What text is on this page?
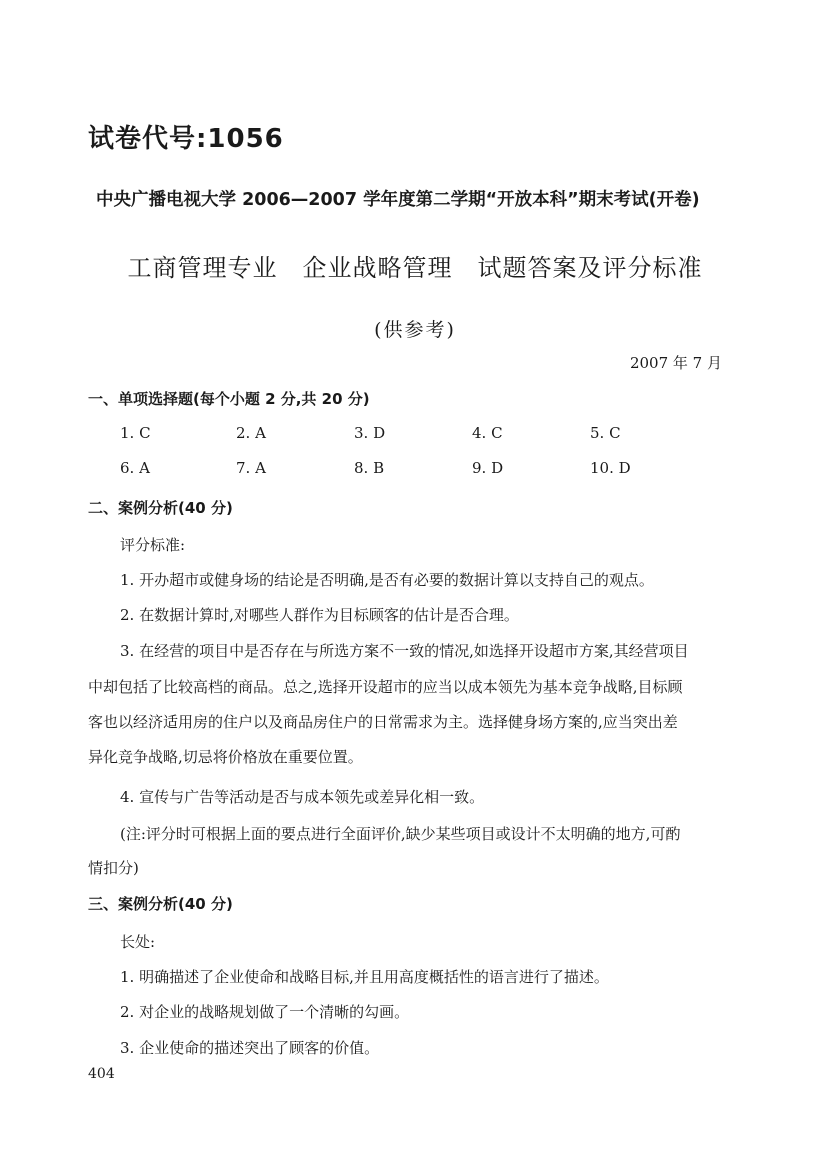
试卷代号:1056
中央广播电视大学 2006—2007 学年度第二学期“开放本科”期末考试(开卷)
工商管理专业　企业战略管理　试题答案及评分标准
(供参考)
2007 年 7 月
一、单项选择题(每个小题 2 分,共 20 分)
1. C	2. A	3. D	4. C	5. C
6. A	7. A	8. B	9. D	10. D
二、案例分析(40 分)
评分标准:
1. 开办超市或健身场的结论是否明确,是否有必要的数据计算以支持自己的观点。
2. 在数据计算时,对哪些人群作为目标顾客的估计是否合理。
3. 在经营的项目中是否存在与所选方案不一致的情况,如选择开设超市方案,其经营项目
中却包括了比较高档的商品。总之,选择开设超市的应当以成本领先为基本竞争战略,目标顾
客也以经济适用房的住户以及商品房住户的日常需求为主。选择健身场方案的,应当突出差
异化竞争战略,切忌将价格放在重要位置。
4. 宣传与广告等活动是否与成本领先或差异化相一致。
(注:评分时可根据上面的要点进行全面评价,缺少某些项目或设计不太明确的地方,可酌
情扣分)
三、案例分析(40 分)
长处:
1. 明确描述了企业使命和战略目标,并且用高度概括性的语言进行了描述。
2. 对企业的战略规划做了一个清晰的勾画。
3. 企业使命的描述突出了顾客的价值。
404
